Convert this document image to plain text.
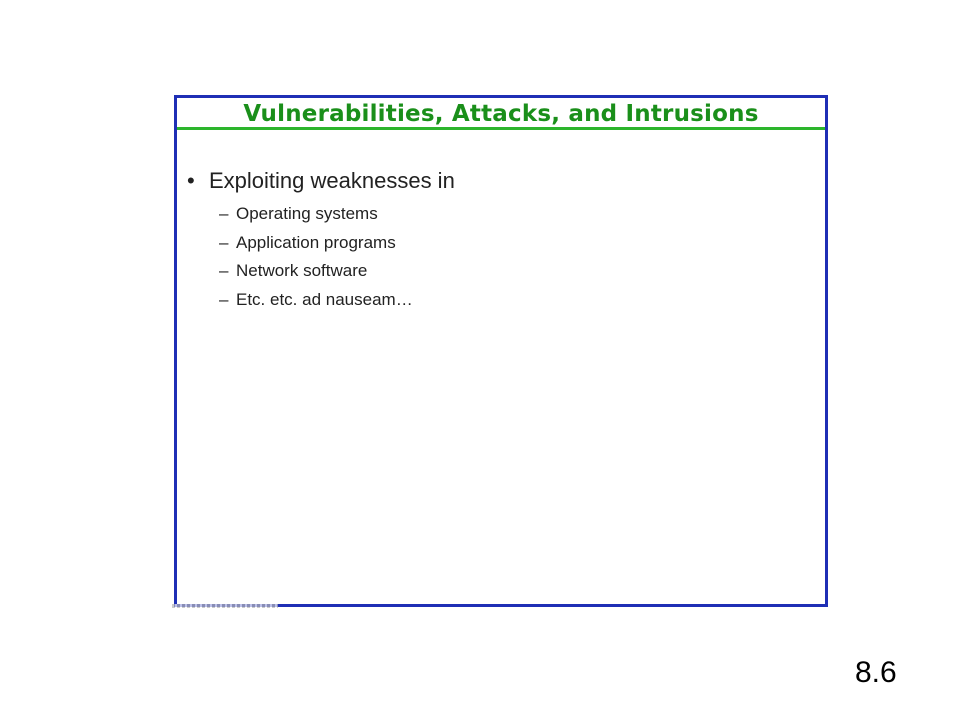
Vulnerabilities, Attacks, and Intrusions
• Exploiting weaknesses in
– Operating systems
– Application programs
– Network software
– Etc. etc. ad nauseam…
8.6
